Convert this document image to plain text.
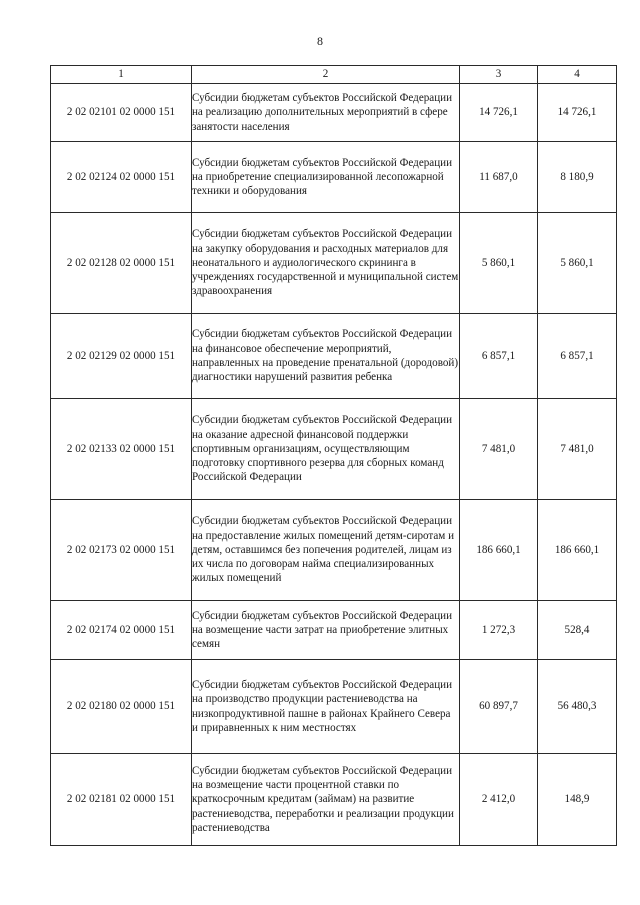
8
1	2	3	4
2 02 02101 02 0000 151	Субсидии бюджетам субъектов Российской Федерации на реализацию дополнительных мероприятий в сфере занятости населения	14 726,1	14 726,1
2 02 02124 02 0000 151	Субсидии бюджетам субъектов Российской Федерации на приобретение специализированной лесопожарной техники и оборудования	11 687,0	8 180,9
2 02 02128 02 0000 151	Субсидии бюджетам субъектов Российской Федерации на закупку оборудования и расходных материалов для неонатального и аудиологического скрининга в учреждениях государственной и муниципальной систем здравоохранения	5 860,1	5 860,1
2 02 02129 02 0000 151	Субсидии бюджетам субъектов Российской Федерации на финансовое обеспечение мероприятий, направленных на проведение пренатальной (дородовой) диагностики нарушений развития ребенка	6 857,1	6 857,1
2 02 02133 02 0000 151	Субсидии бюджетам субъектов Российской Федерации на оказание адресной финансовой поддержки спортивным организациям, осуществляющим подготовку спортивного резерва для сборных команд Российской Федерации	7 481,0	7 481,0
2 02 02173 02 0000 151	Субсидии бюджетам субъектов Российской Федерации на предоставление жилых помещений детям-сиротам и детям, оставшимся без попечения родителей, лицам из их числа по договорам найма специализированных жилых помещений	186 660,1	186 660,1
2 02 02174 02 0000 151	Субсидии бюджетам субъектов Российской Федерации на возмещение части затрат на приобретение элитных семян	1 272,3	528,4
2 02 02180 02 0000 151	Субсидии бюджетам субъектов Российской Федерации на производство продукции растениеводства на низкопродуктивной пашне в районах Крайнего Севера и приравненных к ним местностях	60 897,7	56 480,3
2 02 02181 02 0000 151	Субсидии бюджетам субъектов Российской Федерации на возмещение части процентной ставки по краткосрочным кредитам (займам) на развитие растениеводства, переработки и реализации продукции растениеводства	2 412,0	148,9
